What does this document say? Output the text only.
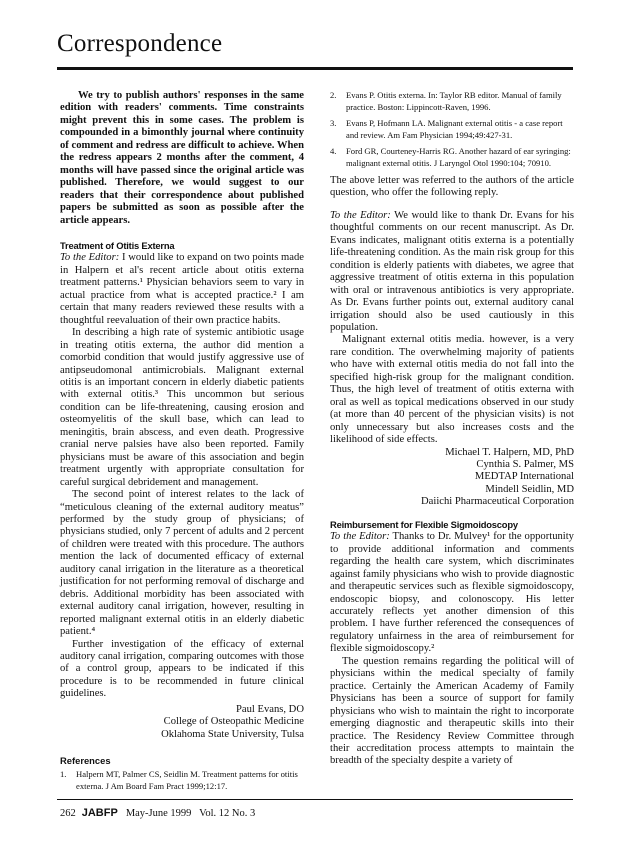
Correspondence

We try to publish authors' responses in the same edition with readers' comments. Time constraints might prevent this in some cases. The problem is compounded in a bimonthly journal where continuity of comment and redress are difficult to achieve. When the redress appears 2 months after the comment, 4 months will have passed since the original article was published. Therefore, we would suggest to our readers that their correspondence about published papers be submitted as soon as possible after the article appears.

Treatment of Otitis Externa

To the Editor: I would like to expand on two points made in Halpern et al's recent article about otitis externa treatment patterns.¹ Physician behaviors seem to vary in actual practice from what is accepted practice.² I am certain that many readers reviewed these results with a thoughtful reevaluation of their own practice habits.

In describing a high rate of systemic antibiotic usage in treating otitis externa, the author did mention a comorbid condition that would justify aggressive use of antipseudomonal antimicrobials. Malignant external otitis is an important concern in elderly diabetic patients with external otitis.³ This uncommon but serious condition can be life-threatening, causing erosion and osteomyelitis of the skull base, which can lead to meningitis, brain abscess, and even death. Progressive cranial nerve palsies have also been reported. Family physicians must be aware of this association and begin treatment urgently with appropriate consultation for careful surgical debridement and management.

The second point of interest relates to the lack of “meticulous cleaning of the external auditory meatus” performed by the study group of physicians; of physicians studied, only 7 percent of adults and 2 percent of children were treated with this procedure. The authors mention the lack of documented efficacy of external auditory canal irrigation in the literature as a theoretical justification for not performing removal of discharge and debris. Additional morbidity has been associated with external auditory canal irrigation, however, resulting in reported malignant external otitis in an elderly diabetic patient.⁴

Further investigation of the efficacy of external auditory canal irrigation, comparing outcomes with those of a control group, appears to be indicated if this procedure is to be recommended in future clinical guidelines.

Paul Evans, DO

College of Osteopathic Medicine

Oklahoma State University, Tulsa

References
1.	Halpern MT, Palmer CS, Seidlin M. Treatment patterns for otitis externa. J Am Board Fam Pract 1999;12:17.
2.	Evans P. Otitis externa. In: Taylor RB editor. Manual of family practice. Boston: Lippincott-Raven, 1996.
3.	Evans P, Hofmann LA. Malignant external otitis - a case report and review. Am Fam Physician 1994;49:427-31.
4.	Ford GR, Courteney-Harris RG. Another hazard of ear syringing: malignant external otitis. J Laryngol Otol 1990:104; 70910.

The above letter was referred to the authors of the article question, who offer the following reply.

To the Editor: We would like to thank Dr. Evans for his thoughtful comments on our recent manuscript. As Dr. Evans indicates, malignant otitis externa is a potentially life-threatening condition. As the main risk group for this condition is elderly patients with diabetes, we agree that aggressive treatment of otitis externa in this population with oral or intravenous antibiotics is very appropriate. As Dr. Evans further points out, external auditory canal irrigation should also be used cautiously in this population.

Malignant external otitis media. however, is a very rare condition. The overwhelming majority of patients who have with external otitis media do not fall into the specified high-risk group for the malignant condition. Thus, the high level of treatment of otitis externa with oral as well as topical medications observed in our study (at more than 40 percent of the physician visits) is not only unnecessary but also increases costs and the likelihood of side effects.

Michael T. Halpern, MD, PhD

Cynthia S. Palmer, MS

MEDTAP International

Mindell Seidlin, MD

Daiichi Pharmaceutical Corporation

Reimbursement for Flexible Sigmoidoscopy

To the Editor: Thanks to Dr. Mulvey¹ for the opportunity to provide additional information and comments regarding the health care system, which discriminates against family physicians who wish to provide diagnostic and therapeutic services such as flexible sigmoidoscopy, endoscopic biopsy, and colonoscopy. His letter accurately reflects yet another dimension of this problem. I have further referenced the consequences of regulatory unfairness in the area of reimbursement for flexible sigmoidoscopy.²

The question remains regarding the political will of physicians within the medical specialty of family practice. Certainly the American Academy of Family Physicians has been a source of support for family physicians who wish to maintain the right to incorporate emerging diagnostic and therapeutic skills into their practice. The Residency Review Committee through their accreditation process attempts to maintain the breadth of the specialty despite a variety of

262 JABFP May-June 1999   Vol. 12 No. 3
